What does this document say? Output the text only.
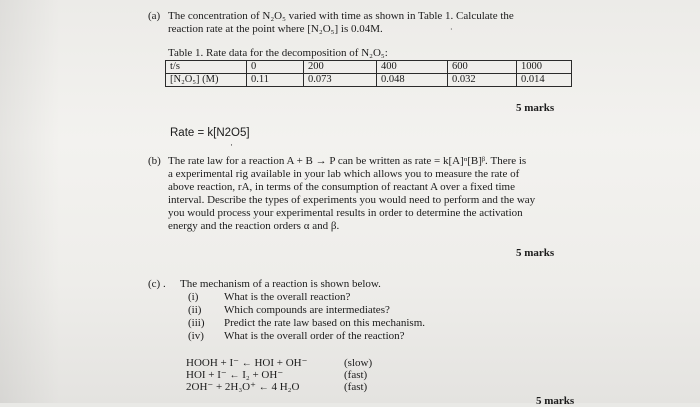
(a) The concentration of N₂O₅ varied with time as shown in Table 1. Calculate the
reaction rate at the point where [N₂O₅] is 0.04M.	·
Table 1. Rate data for the decomposition of N₂O₅:
t/s	0	200	400	600	1000
[N₂O₅] (M)	0.11	0.073	0.048	0.032	0.014
5 marks
Rate = k[N2O5]
·
(b) The rate law for a reaction A + B → P can be written as rate = k[A]ᵅ[B]ᵝ. There is
a experimental rig available in your lab which allows you to measure the rate of
above reaction, rA, in terms of the consumption of reactant A over a fixed time
interval. Describe the types of experiments you would need to perform and the way
you would process your experimental results in order to determine the activation
energy and the reaction orders α and β.
5 marks
(c) . The mechanism of a reaction is shown below.
(i) What is the overall reaction?
(ii) Which compounds are intermediates?
(iii) Predict the rate law based on this mechanism.
(iv) What is the overall order of the reaction?
HOOH + I⁻ ← HOI + OH⁻	(slow)
HOI + I⁻ ← I₂ + OH⁻	(fast)
2OH⁻ + 2H₃O⁺ ← 4 H₂O	(fast)
5 marks
